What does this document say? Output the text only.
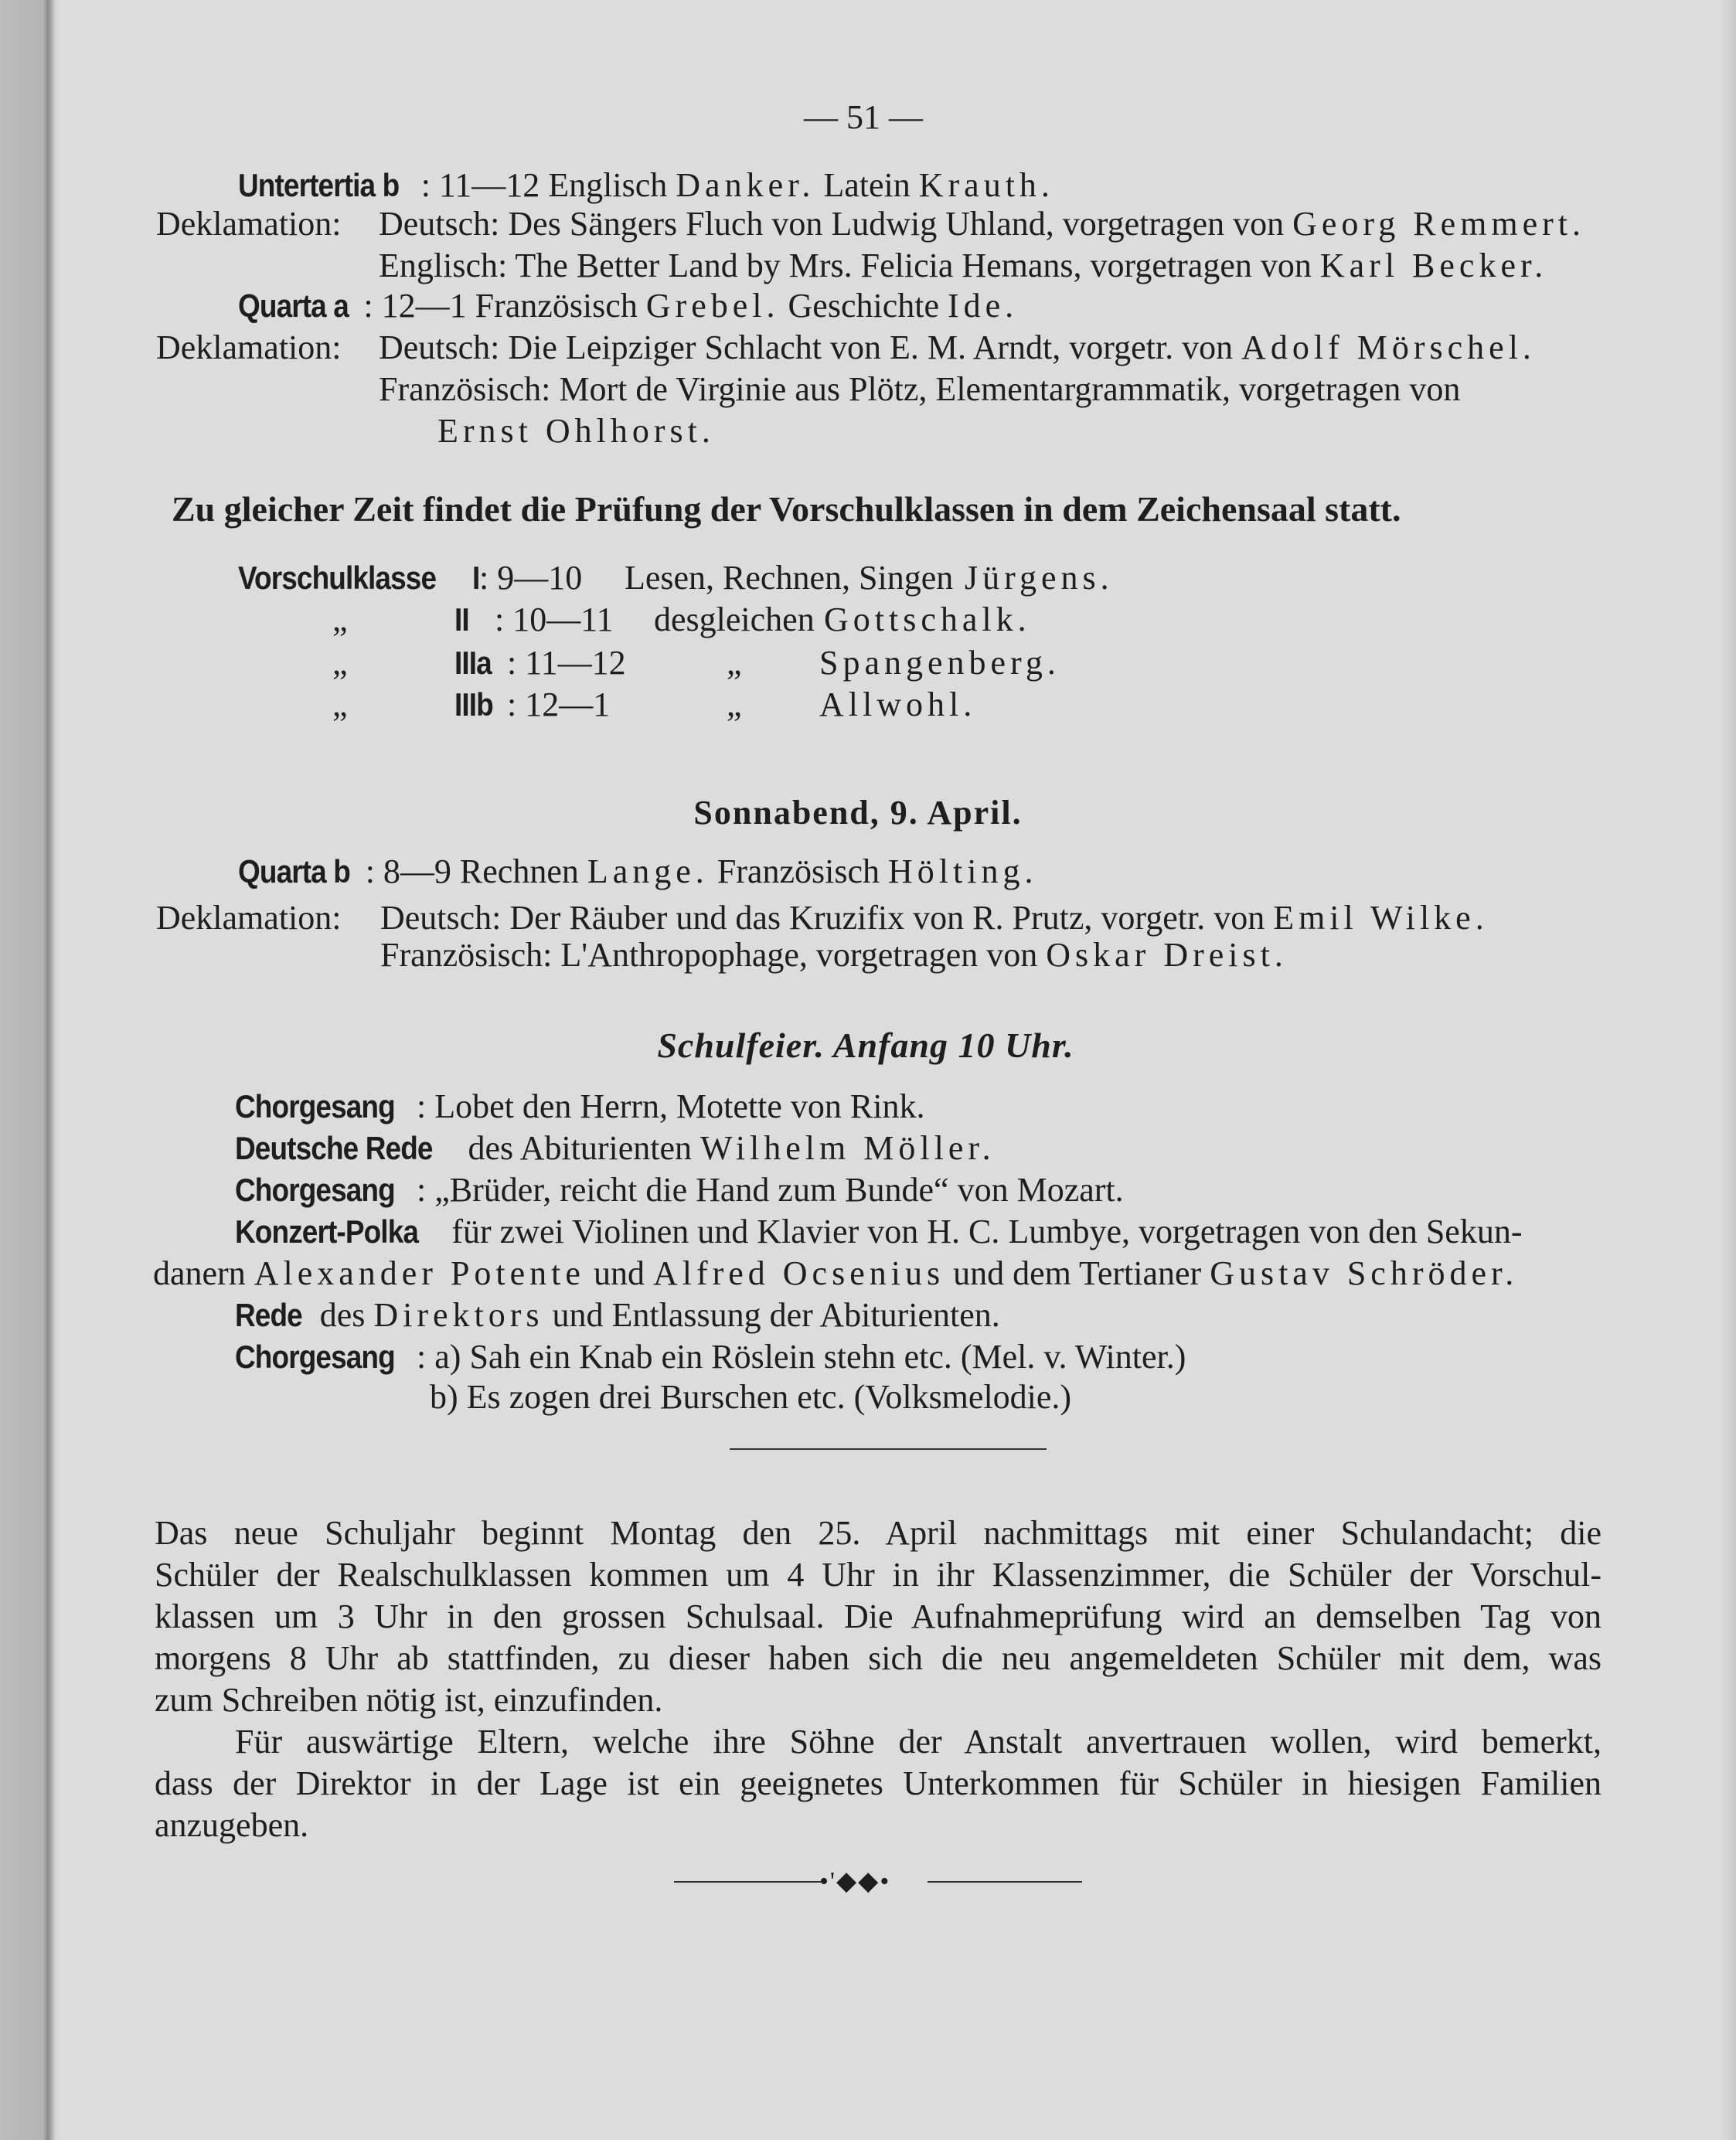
— 51 —
Untertertia b : 11—12 Englisch Danker. Latein Krauth.
Deklamation: Deutsch: Des Sängers Fluch von Ludwig Uhland, vorgetragen von Georg Remmert.
Englisch: The Better Land by Mrs. Felicia Hemans, vorgetragen von Karl Becker.
Quarta a : 12—1 Französisch Grebel. Geschichte Ide.
Deklamation: Deutsch: Die Leipziger Schlacht von E. M. Arndt, vorgetr. von Adolf Mörschel.
Französisch: Mort de Virginie aus Plötz, Elementargrammatik, vorgetragen von
Ernst Ohlhorst.
Zu gleicher Zeit findet die Prüfung der Vorschulklassen in dem Zeichensaal statt.
Vorschulklasse I : 9—10 Lesen, Rechnen, Singen Jürgens.
„	II : 10—11 desgleichen Gottschalk.
„	IIIa : 11—12	„ Spangenberg.
„	IIIb : 12—1	„ Allwohl.
Sonnabend, 9. April.
Quarta b : 8—9 Rechnen Lange. Französisch Hölting.
Deklamation: Deutsch: Der Räuber und das Kruzifix von R. Prutz, vorgetr. von Emil Wilke.
Französisch: L'Anthropophage, vorgetragen von Oskar Dreist.
Schulfeier. Anfang 10 Uhr.
Chorgesang : Lobet den Herrn, Motette von Rink.
Deutsche Rede des Abiturienten Wilhelm Möller.
Chorgesang : „Brüder, reicht die Hand zum Bunde“ von Mozart.
Konzert-Polka für zwei Violinen und Klavier von H. C. Lumbye, vorgetragen von den Sekun-
danern Alexander Potente und Alfred Ocsenius und dem Tertianer Gustav Schröder.
Rede des Direktors und Entlassung der Abiturienten.
Chorgesang : a) Sah ein Knab ein Röslein stehn etc. (Mel. v. Winter.)
b) Es zogen drei Burschen etc. (Volksmelodie.)
Das neue Schuljahr beginnt Montag den 25. April nachmittags mit einer Schulandacht; die
Schüler der Realschulklassen kommen um 4 Uhr in ihr Klassenzimmer, die Schüler der Vorschul-
klassen um 3 Uhr in den grossen Schulsaal. Die Aufnahmeprüfung wird an demselben Tag von
morgens 8 Uhr ab stattfinden, zu dieser haben sich die neu angemeldeten Schüler mit dem, was
zum Schreiben nötig ist, einzufinden.
Für auswärtige Eltern, welche ihre Söhne der Anstalt anvertrauen wollen, wird bemerkt,
dass der Direktor in der Lage ist ein geeignetes Unterkommen für Schüler in hiesigen Familien
anzugeben.
•'◆◆•
